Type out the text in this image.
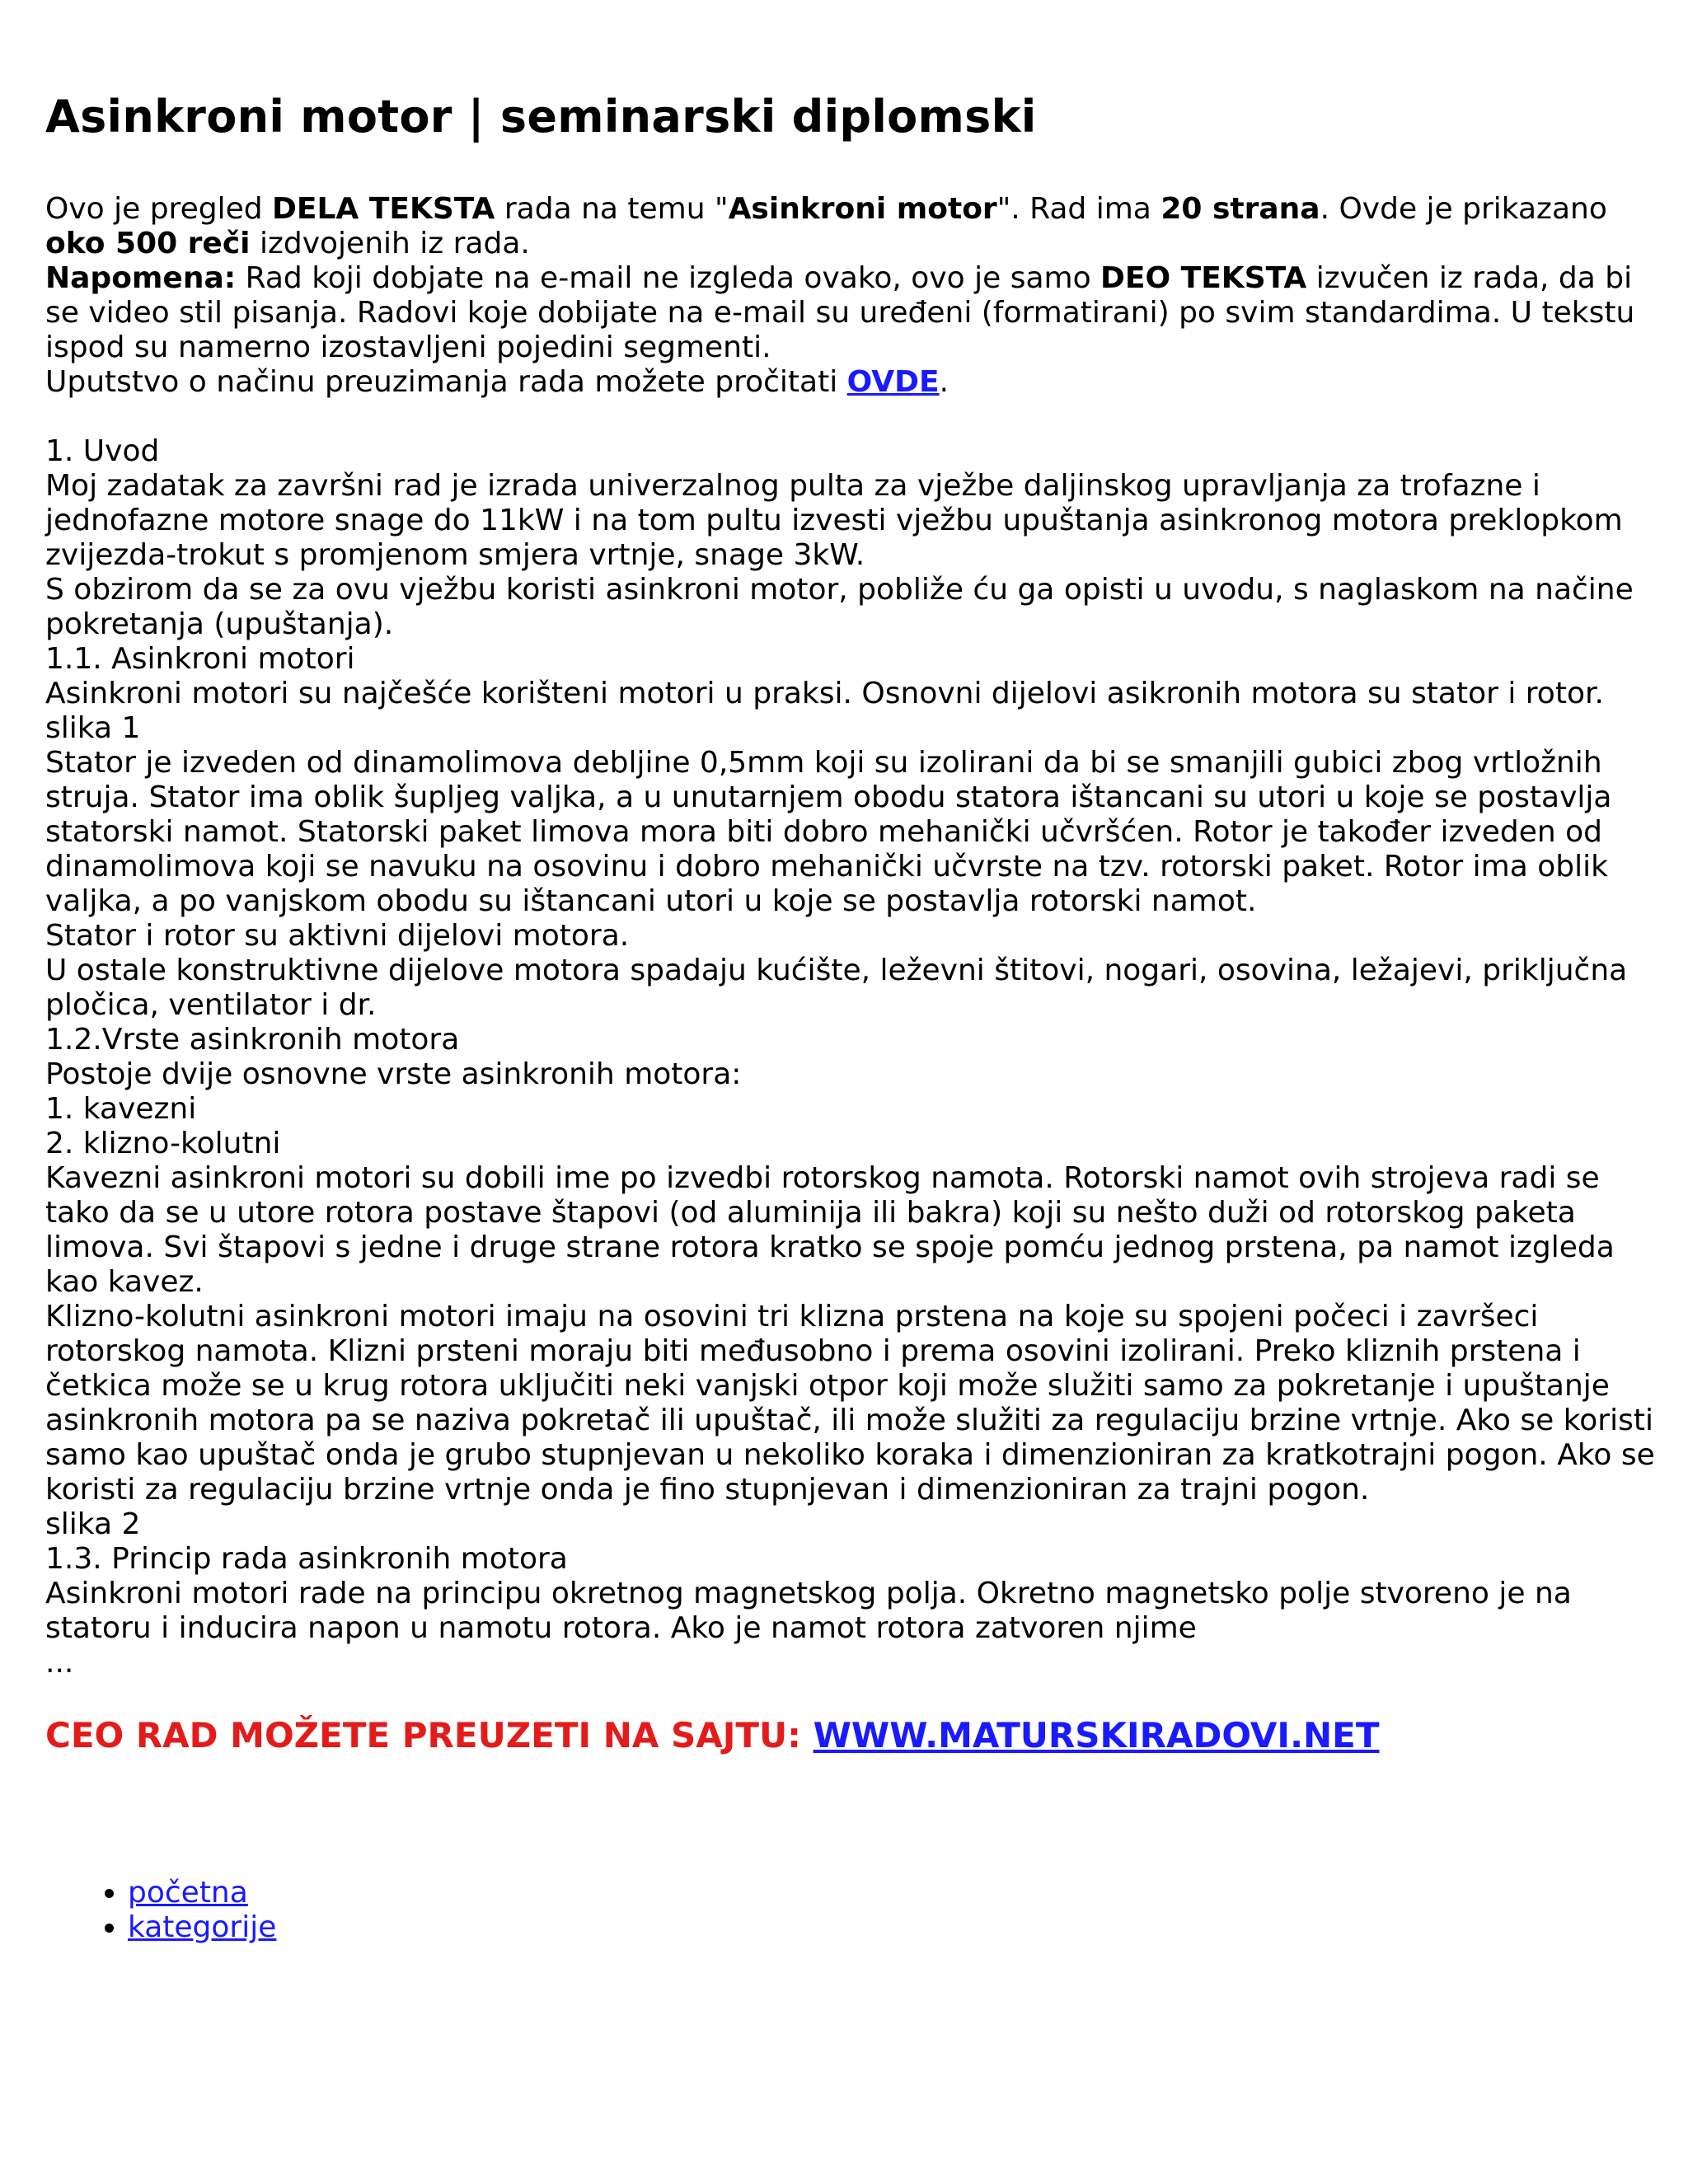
Asinkroni motor | seminarski diplomski

Ovo je pregled DELA TEKSTA rada na temu "Asinkroni motor". Rad ima 20 strana. Ovde je prikazano oko 500 reči izdvojenih iz rada.

Napomena: Rad koji dobjate na e-mail ne izgleda ovako, ovo je samo DEO TEKSTA izvučen iz rada, da bi se video stil pisanja. Radovi koje dobijate na e-mail su uređeni (formatirani) po svim standardima. U tekstu ispod su namerno izostavljeni pojedini segmenti.

Uputstvo o načinu preuzimanja rada možete pročitati OVDE.

1. Uvod

Moj zadatak za završni rad je izrada univerzalnog pulta za vježbe daljinskog upravljanja za trofazne i jednofazne motore snage do 11kW i na tom pultu izvesti vježbu upuštanja asinkronog motora preklopkom zvijezda-trokut s promjenom smjera vrtnje, snage 3kW.

S obzirom da se za ovu vježbu koristi asinkroni motor, pobliže ću ga opisti u uvodu, s naglaskom na načine pokretanja (upuštanja).

1.1. Asinkroni motori

Asinkroni motori su najčešće korišteni motori u praksi. Osnovni dijelovi asikronih motora su stator i rotor.

slika 1

Stator je izveden od dinamolimova debljine 0,5mm koji su izolirani da bi se smanjili gubici zbog vrtložnih struja. Stator ima oblik šupljeg valjka, a u unutarnjem obodu statora ištancani su utori u koje se postavlja statorski namot. Statorski paket limova mora biti dobro mehanički učvršćen. Rotor je također izveden od dinamolimova koji se navuku na osovinu i dobro mehanički učvrste na tzv. rotorski paket. Rotor ima oblik valjka, a po vanjskom obodu su ištancani utori u koje se postavlja rotorski namot.

Stator i rotor su aktivni dijelovi motora.

U ostale konstruktivne dijelove motora spadaju kućište, leževni štitovi, nogari, osovina, ležajevi, priključna pločica, ventilator i dr.

1.2.Vrste asinkronih motora

Postoje dvije osnovne vrste asinkronih motora:

1. kavezni

2. klizno-kolutni

Kavezni asinkroni motori su dobili ime po izvedbi rotorskog namota. Rotorski namot ovih strojeva radi se tako da se u utore rotora postave štapovi (od aluminija ili bakra) koji su nešto duži od rotorskog paketa limova. Svi štapovi s jedne i druge strane rotora kratko se spoje pomću jednog prstena, pa namot izgleda kao kavez.

Klizno-kolutni asinkroni motori imaju na osovini tri klizna prstena na koje su spojeni počeci i završeci rotorskog namota. Klizni prsteni moraju biti međusobno i prema osovini izolirani. Preko kliznih prstena i četkica može se u krug rotora uključiti neki vanjski otpor koji može služiti samo za pokretanje i upuštanje asinkronih motora pa se naziva pokretač ili upuštač, ili može služiti za regulaciju brzine vrtnje. Ako se koristi samo kao upuštač onda je grubo stupnjevan u nekoliko koraka i dimenzioniran za kratkotrajni pogon. Ako se koristi za regulaciju brzine vrtnje onda je fino stupnjevan i dimenzioniran za trajni pogon.

slika 2

1.3. Princip rada asinkronih motora

Asinkroni motori rade na principu okretnog magnetskog polja. Okretno magnetsko polje stvoreno je na statoru i inducira napon u namotu rotora. Ako je namot rotora zatvoren njime

...

CEO RAD MOŽETE PREUZETI NA SAJTU: WWW.MATURSKIRADOVI.NET
• početna
• kategorije
